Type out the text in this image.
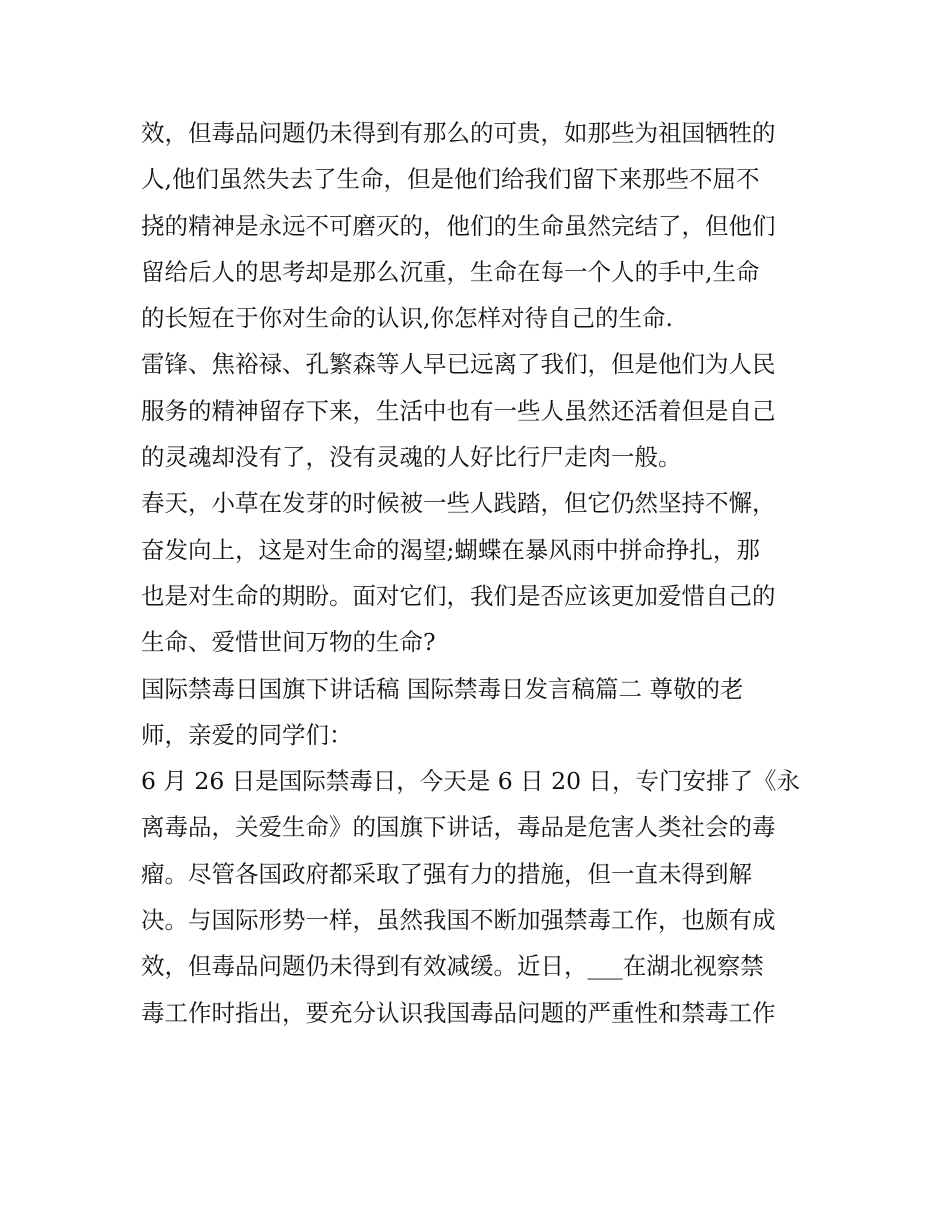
效，但毒品问题仍未得到有那么的可贵，如那些为祖国牺牲的
人,他们虽然失去了生命，但是他们给我们留下来那些不屈不
挠的精神是永远不可磨灭的，他们的生命虽然完结了，但他们
留给后人的思考却是那么沉重，生命在每一个人的手中,生命
的长短在于你对生命的认识,你怎样对待自己的生命.
雷锋、焦裕禄、孔繁森等人早已远离了我们，但是他们为人民
服务的精神留存下来，生活中也有一些人虽然还活着但是自己
的灵魂却没有了，没有灵魂的人好比行尸走肉一般。
春天，小草在发芽的时候被一些人践踏，但它仍然坚持不懈，
奋发向上，这是对生命的渴望;蝴蝶在暴风雨中拼命挣扎，那
也是对生命的期盼。面对它们，我们是否应该更加爱惜自己的
生命、爱惜世间万物的生命?
国际禁毒日国旗下讲话稿 国际禁毒日发言稿篇二 尊敬的老
师，亲爱的同学们：
6 月 26 日是国际禁毒日，今天是 6 日 20 日，专门安排了《永
离毒品，关爱生命》的国旗下讲话，毒品是危害人类社会的毒
瘤。尽管各国政府都采取了强有力的措施，但一直未得到解
决。与国际形势一样，虽然我国不断加强禁毒工作，也颇有成
效，但毒品问题仍未得到有效减缓。近日，___在湖北视察禁
毒工作时指出，要充分认识我国毒品问题的严重性和禁毒工作
